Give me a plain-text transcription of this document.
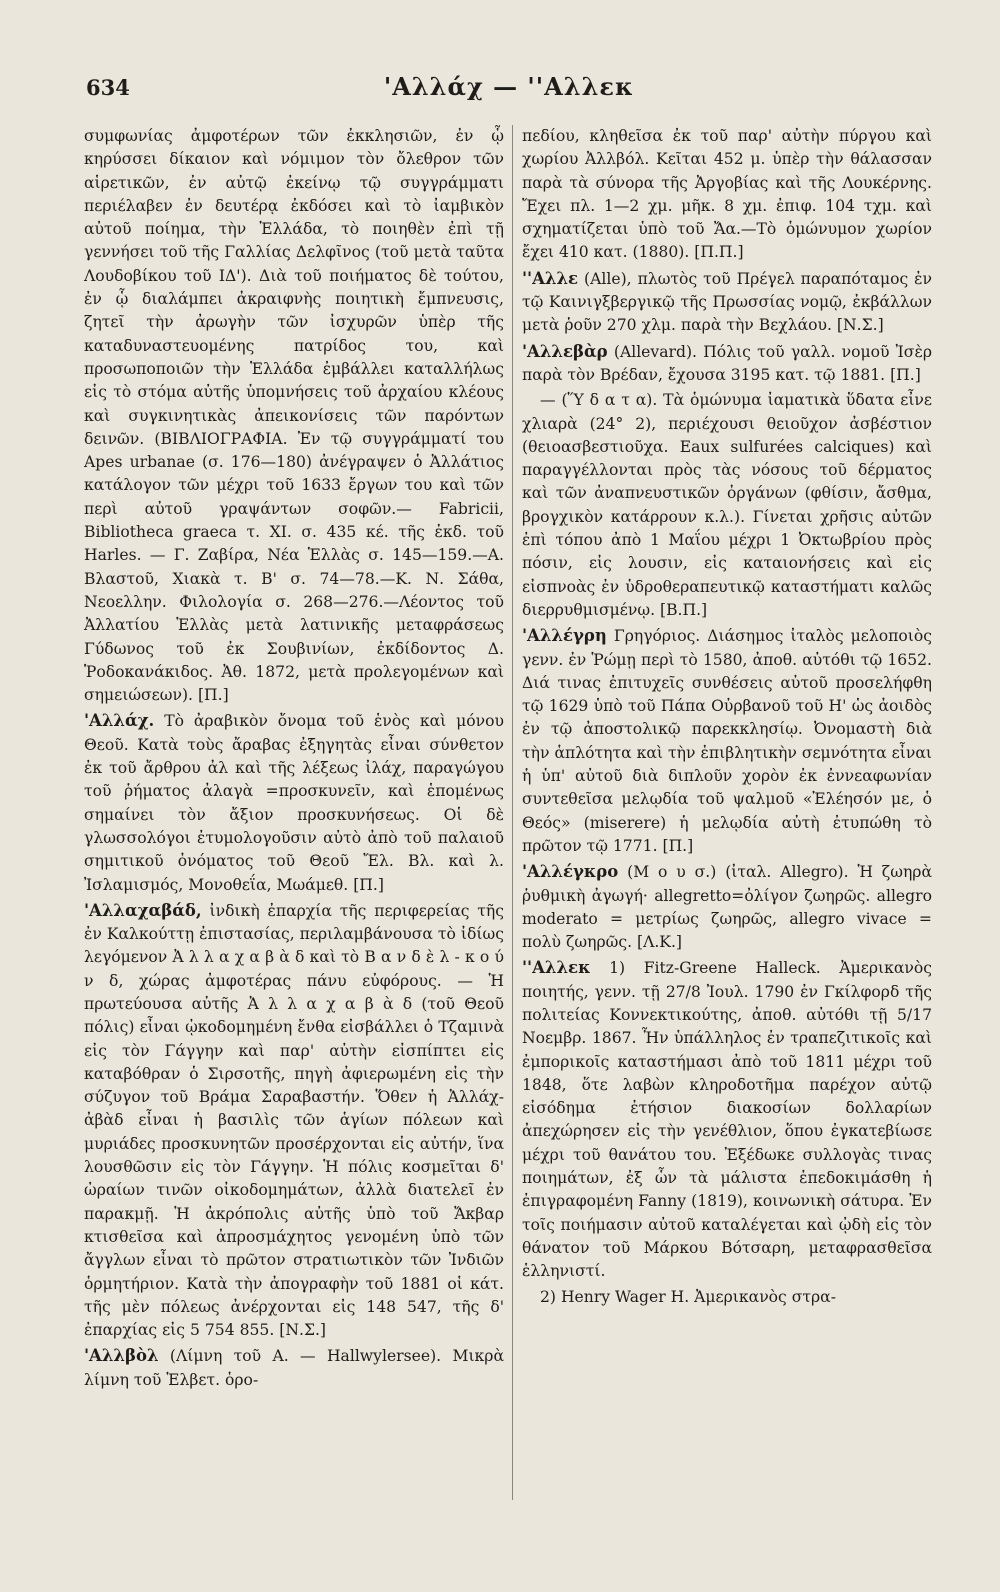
634	'Αλλάχ — ''Αλλεκ

συμφωνίας ἀμφοτέρων τῶν ἐκκλησιῶν, ἐν ᾧ κηρύσσει δίκαιον καὶ νόμιμον τὸν ὄλεθρον τῶν αἱρετικῶν, ἐν αὐτῷ ἐκείνῳ τῷ συγγράμματι περιέλαβεν ἐν δευτέρᾳ ἐκδόσει καὶ τὸ ἰαμβικὸν αὐτοῦ ποίημα, τὴν Ἑλλάδα, τὸ ποιηθὲν ἐπὶ τῇ γεννήσει τοῦ τῆς Γαλλίας Δελφῖνος (τοῦ μετὰ ταῦτα Λουδοβίκου τοῦ ΙΔ'). Διὰ τοῦ ποιήματος δὲ τούτου, ἐν ᾧ διαλάμπει ἀκραιφνὴς ποιητικὴ ἔμπνευσις, ζητεῖ τὴν ἀρωγὴν τῶν ἰσχυρῶν ὑπὲρ τῆς καταδυναστευομένης πατρίδος του, καὶ προσωποποιῶν τὴν Ἑλλάδα ἐμβάλλει καταλλήλως εἰς τὸ στόμα αὐτῆς ὑπομνήσεις τοῦ ἀρχαίου κλέους καὶ συγκινητικὰς ἀπεικονίσεις τῶν παρόντων δεινῶν. (ΒΙΒΛΙΟΓΡΑΦΙΑ. Ἐν τῷ συγγράμματί του Apes urbanae (σ. 176—180) ἀνέγραψεν ὁ Ἀλλάτιος κατάλογον τῶν μέχρι τοῦ 1633 ἔργων του καὶ τῶν περὶ αὐτοῦ γραψάντων σοφῶν.— Fabricii, Bibliotheca graeca τ. ΧΙ. σ. 435 κέ. τῆς ἐκδ. τοῦ Harles. — Γ. Ζαβίρα, Νέα Ἑλλὰς σ. 145—159.—Α. Βλαστοῦ, Χιακὰ τ. Β' σ. 74—78.—Κ. Ν. Σάθα, Νεοελλην. Φιλολογία σ. 268—276.—Λέοντος τοῦ Ἀλλατίου Ἑλλὰς μετὰ λατινικῆς μεταφράσεως Γύδωνος τοῦ ἐκ Σουβινίων, ἐκδίδοντος Δ. Ῥοδοκανάκιδος. Ἀθ. 1872, μετὰ προλεγομένων καὶ σημειώσεων). [Π.]

'Αλλάχ. Τὸ ἀραβικὸν ὄνομα τοῦ ἑνὸς καὶ μόνου Θεοῦ. Κατὰ τοὺς ἄραβας ἐξηγητὰς εἶναι σύνθετον ἐκ τοῦ ἄρθρου ἀλ καὶ τῆς λέξεως ἰλάχ, παραγώγου τοῦ ῥήματος ἀλαγὰ =προσκυνεῖν, καὶ ἑπομένως σημαίνει τὸν ἄξιον προσκυνήσεως. Οἱ δὲ γλωσσολόγοι ἐτυμολογοῦσιν αὐτὸ ἀπὸ τοῦ παλαιοῦ σημιτικοῦ ὀνόματος τοῦ Θεοῦ Ἔλ. Βλ. καὶ λ. Ἰσλαμισμός, Μονοθεΐα, Μωάμεθ. [Π.]

'Αλλαχαβάδ, ἰνδικὴ ἐπαρχία τῆς περιφερείας τῆς ἐν Καλκούττῃ ἐπιστασίας, περιλαμβάνουσα τὸ ἰδίως λεγόμενον Ἀ λ λ α χ α β ὰ δ καὶ τὸ Β α ν δ ὲ λ - κ ο ύ ν δ, χώρας ἀμφοτέρας πάνυ εὐφόρους. — Ἡ πρωτεύουσα αὐτῆς Ἀ λ λ α χ α β ὰ δ (τοῦ Θεοῦ πόλις) εἶναι ᾠκοδομημένη ἔνθα εἰσβάλλει ὁ Τζαμινὰ εἰς τὸν Γάγγην καὶ παρ' αὐτὴν εἰσπίπτει εἰς καταβόθραν ὁ Σιρσοτῆς, πηγὴ ἀφιερωμένη εἰς τὴν σύζυγον τοῦ Βράμα Σαραβαστήν. Ὅθεν ἡ Ἀλλάχ-ἀβὰδ εἶναι ἡ βασιλὶς τῶν ἁγίων πόλεων καὶ μυριάδες προσκυνητῶν προσέρχονται εἰς αὐτήν, ἵνα λουσθῶσιν εἰς τὸν Γάγγην. Ἡ πόλις κοσμεῖται δ' ὡραίων τινῶν οἰκοδομημάτων, ἀλλὰ διατελεῖ ἐν παρακμῇ. Ἡ ἀκρόπολις αὐτῆς ὑπὸ τοῦ Ἄκβαρ κτισθεῖσα καὶ ἀπροσμάχητος γενομένη ὑπὸ τῶν ἄγγλων εἶναι τὸ πρῶτον στρατιωτικὸν τῶν Ἰνδιῶν ὁρμητήριον. Κατὰ τὴν ἀπογραφὴν τοῦ 1881 οἱ κάτ. τῆς μὲν πόλεως ἀνέρχονται εἰς 148 547, τῆς δ' ἐπαρχίας εἰς 5 754 855. [Ν.Σ.]

'Αλλβὸλ (Λίμνη τοῦ Α. — Hallwylersee). Μικρὰ λίμνη τοῦ Ἑλβετ. ὁρο-

πεδίου, κληθεῖσα ἐκ τοῦ παρ' αὐτὴν πύργου καὶ χωρίου Ἀλλβόλ. Κεῖται 452 μ. ὑπὲρ τὴν θάλασσαν παρὰ τὰ σύνορα τῆς Ἀργοβίας καὶ τῆς Λουκέρνης. Ἔχει πλ. 1—2 χμ. μῆκ. 8 χμ. ἐπιφ. 104 τχμ. καὶ σχηματίζεται ὑπὸ τοῦ Ἄα.—Τὸ ὁμώνυμον χωρίον ἔχει 410 κατ. (1880). [Π.Π.]

''Αλλε (Alle), πλωτὸς τοῦ Πρέγελ παραπόταμος ἐν τῷ Καινιγξβεργικῷ τῆς Πρωσσίας νομῷ, ἐκβάλλων μετὰ ῥοῦν 270 χλμ. παρὰ τὴν Βεχλάου. [Ν.Σ.]

'Αλλεβὰρ (Allevard). Πόλις τοῦ γαλλ. νομοῦ Ἰσὲρ παρὰ τὸν Βρέδαν, ἔχουσα 3195 κατ. τῷ 1881. [Π.]

— (Ὕ δ α τ α). Τὰ ὁμώνυμα ἰαματικὰ ὕδατα εἶνε χλιαρὰ (24° 2), περιέχουσι θειοῦχον ἀσβέστιον (θειοασβεστιοῦχα. Eaux sulfurées calciques) καὶ παραγγέλλονται πρὸς τὰς νόσους τοῦ δέρματος καὶ τῶν ἀναπνευστικῶν ὀργάνων (φθίσιν, ἄσθμα, βρογχικὸν κατάρρουν κ.λ.). Γίνεται χρῆσις αὐτῶν ἐπὶ τόπου ἀπὸ 1 Μαΐου μέχρι 1 Ὀκτωβρίου πρὸς πόσιν, εἰς λουσιν, εἰς καταιονήσεις καὶ εἰς εἰσπνοὰς ἐν ὑδροθεραπευτικῷ καταστήματι καλῶς διερρυθμισμένῳ. [Β.Π.]

'Αλλέγρη Γρηγόριος. Διάσημος ἰταλὸς μελοποιὸς γενν. ἐν Ῥώμῃ περὶ τὸ 1580, ἀποθ. αὐτόθι τῷ 1652. Διά τινας ἐπιτυχεῖς συνθέσεις αὐτοῦ προσελήφθη τῷ 1629 ὑπὸ τοῦ Πάπα Οὐρβανοῦ τοῦ Η' ὡς ἀοιδὸς ἐν τῷ ἀποστολικῷ παρεκκλησίῳ. Ὀνομαστὴ διὰ τὴν ἁπλότητα καὶ τὴν ἐπιβλητικὴν σεμνότητα εἶναι ἡ ὑπ' αὐτοῦ διὰ διπλοῦν χορὸν ἐκ ἐννεαφωνίαν συντεθεῖσα μελῳδία τοῦ ψαλμοῦ «Ἐλέησόν με, ὁ Θεός» (miserere) ἡ μελῳδία αὐτὴ ἐτυπώθη τὸ πρῶτον τῷ 1771. [Π.]

'Αλλέγκρο (Μ ο υ σ.) (ἰταλ. Allegro). Ἡ ζωηρὰ ῥυθμικὴ ἀγωγή· allegretto=ὀλίγον ζωηρῶς. allegro moderato = μετρίως ζωηρῶς, allegro vivace = πολὺ ζωηρῶς. [Λ.Κ.]

''Αλλεκ 1) Fitz-Greene Halleck. Ἀμερικανὸς ποιητής, γενν. τῇ 27/8 Ἰουλ. 1790 ἐν Γκίλφορδ τῆς πολιτείας Κοννεκτικούτης, ἀποθ. αὐτόθι τῇ 5/17 Νοεμβρ. 1867. Ἦν ὑπάλληλος ἐν τραπεζιτικοῖς καὶ ἐμπορικοῖς καταστήμασι ἀπὸ τοῦ 1811 μέχρι τοῦ 1848, ὅτε λαβὼν κληροδοτῆμα παρέχον αὐτῷ εἰσόδημα ἐτήσιον διακοσίων δολλαρίων ἀπεχώρησεν εἰς τὴν γενέθλιον, ὅπου ἐγκατεβίωσε μέχρι τοῦ θανάτου του. Ἐξέδωκε συλλογὰς τινας ποιημάτων, ἐξ ὧν τὰ μάλιστα ἐπεδοκιμάσθη ἡ ἐπιγραφομένη Fanny (1819), κοινωνικὴ σάτυρα. Ἐν τοῖς ποιήμασιν αὐτοῦ καταλέγεται καὶ ᾠδὴ εἰς τὸν θάνατον τοῦ Μάρκου Βότσαρη, μεταφρασθεῖσα ἑλληνιστί.

2) Henry Wager H. Ἀμερικανὸς στρα-
